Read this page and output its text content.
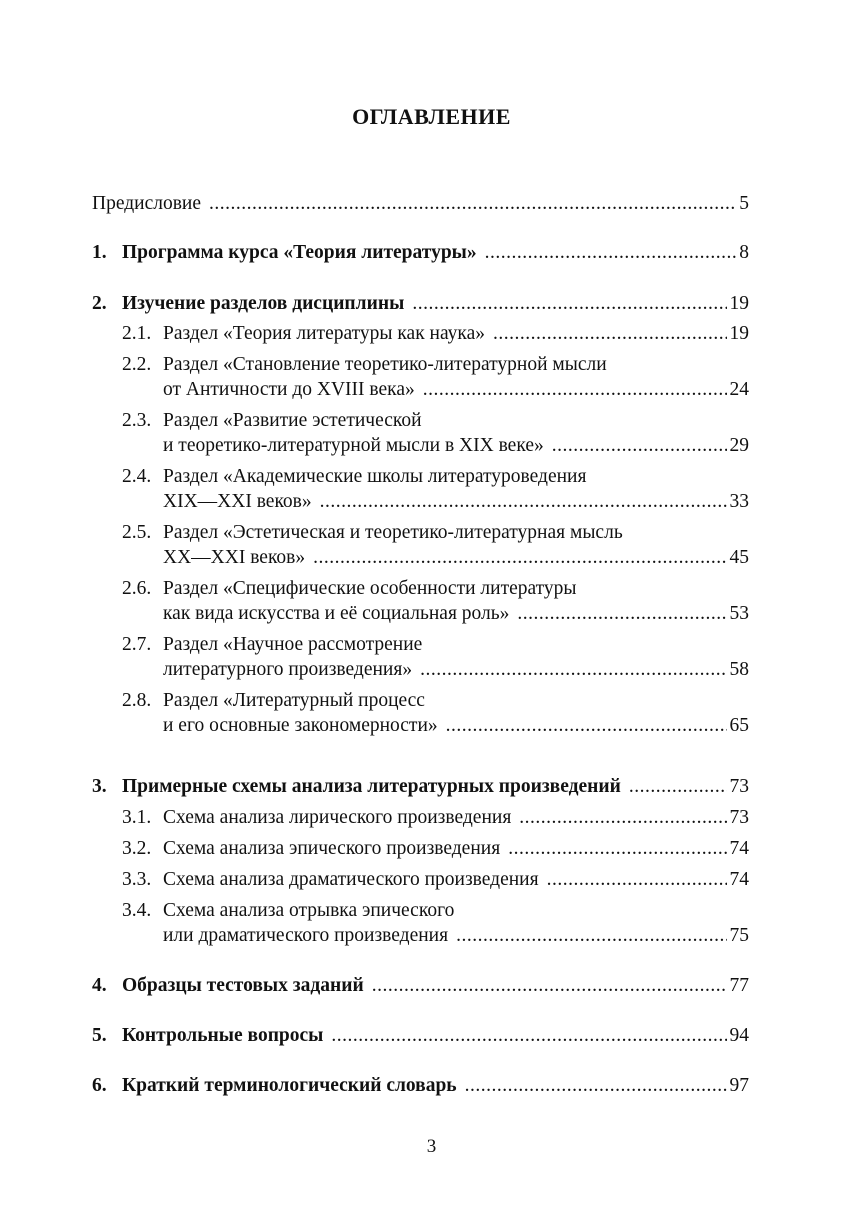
ОГЛАВЛЕНИЕ
Предисловие .....	5
1. Программа курса «Теория литературы» .....	8
2. Изучение разделов дисциплины .....	19
2.1. Раздел «Теория литературы как наука» .....	19
2.2. Раздел «Становление теоретико-литературной мысли
от Античности до XVIII века» .....	24
2.3. Раздел «Развитие эстетической
и теоретико-литературной мысли в XIX веке» .....	29
2.4. Раздел «Академические школы литературоведения
XIX—XXI веков» .....	33
2.5. Раздел «Эстетическая и теоретико-литературная мысль
XX—XXI веков» .....	45
2.6. Раздел «Специфические особенности литературы
как вида искусства и её социальная роль» .....	53
2.7. Раздел «Научное рассмотрение
литературного произведения» .....	58
2.8. Раздел «Литературный процесс
и его основные закономерности» .....	65
3. Примерные схемы анализа литературных произведений .....	73
3.1. Схема анализа лирического произведения .....	73
3.2. Схема анализа эпического произведения .....	74
3.3. Схема анализа драматического произведения .....	74
3.4. Схема анализа отрывка эпического
или драматического произведения .....	75
4. Образцы тестовых заданий .....	77
5. Контрольные вопросы .....	94
6. Краткий терминологический словарь .....	97
3
